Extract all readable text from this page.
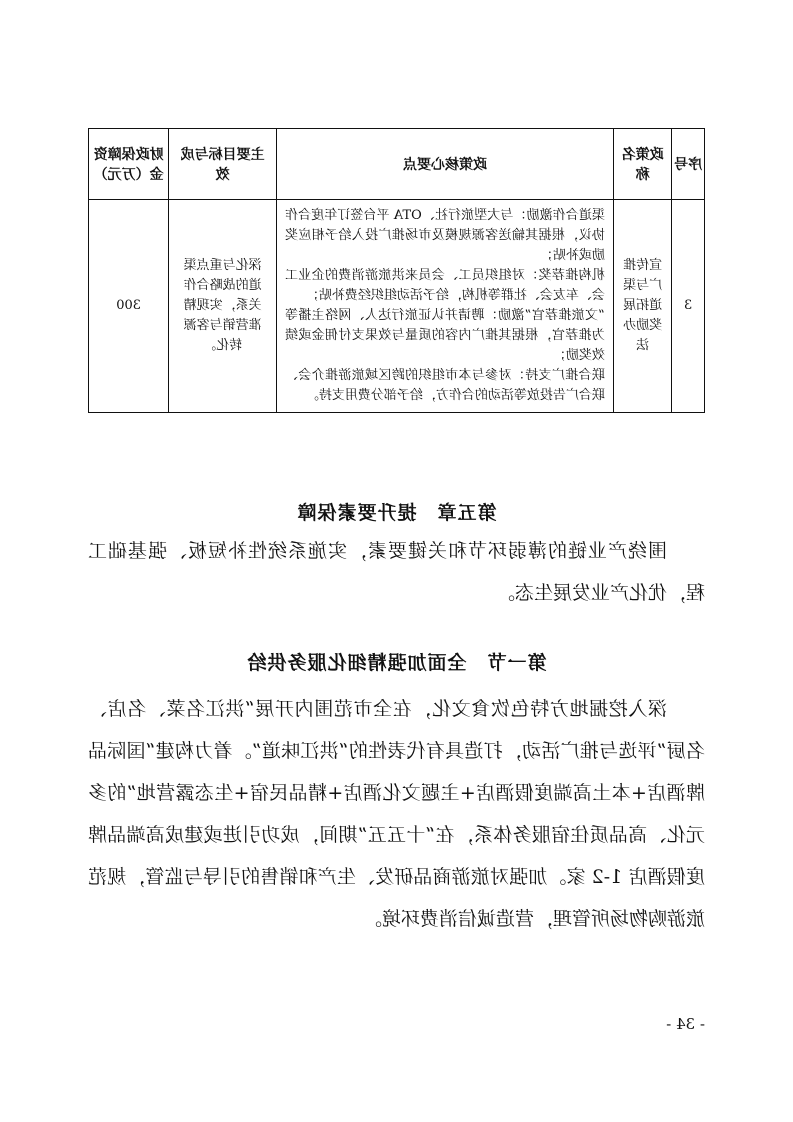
序号	政策名称	政策核心要点	主要目标与成效	财政保障资金（万元）
3	宣传推广与渠道拓展奖励办法	渠道合作激励：与大型旅行社、OTA 平台签订年度合作协议，根据其输送客源规模及市场推广投入给予相应奖励或补贴；
机构推荐奖：对组织员工、会员来洪旅游消费的企业工会、车友会、社群等机构，给予活动组织经费补贴；
“文旅推荐官”激励：聘请并认证旅行达人、网络主播等为推荐官，根据其推广内容的质量与效果支付佣金或绩效奖励；
联合推广支持：对参与本市组织的跨区域旅游推介会、联合广告投放等活动的合作方，给予部分费用支持。	深化与重点渠道的战略合作关系，实现精准营销与客源转化。	300
第五章　提升要素保障

围绕产业链的薄弱环节和关键要素，实施系统性补短板、强基础工程，优化产业发展生态。

第一节　全面加强精细化服务供给

深入挖掘地方特色饮食文化，在全市范围内开展“洪江名菜、名店、名厨”评选与推广活动，打造具有代表性的“洪江味道”。着力构建“国际品牌酒店+本土高端度假酒店+主题文化酒店+精品民宿+生态露营地”的多元化、高品质住宿服务体系，在“十五五”期间，成功引进或建成高端品牌度假酒店 1-2 家。加强对旅游商品研发、生产和销售的引导与监管，规范旅游购物场所管理，营造诚信消费环境。

- 34 -
